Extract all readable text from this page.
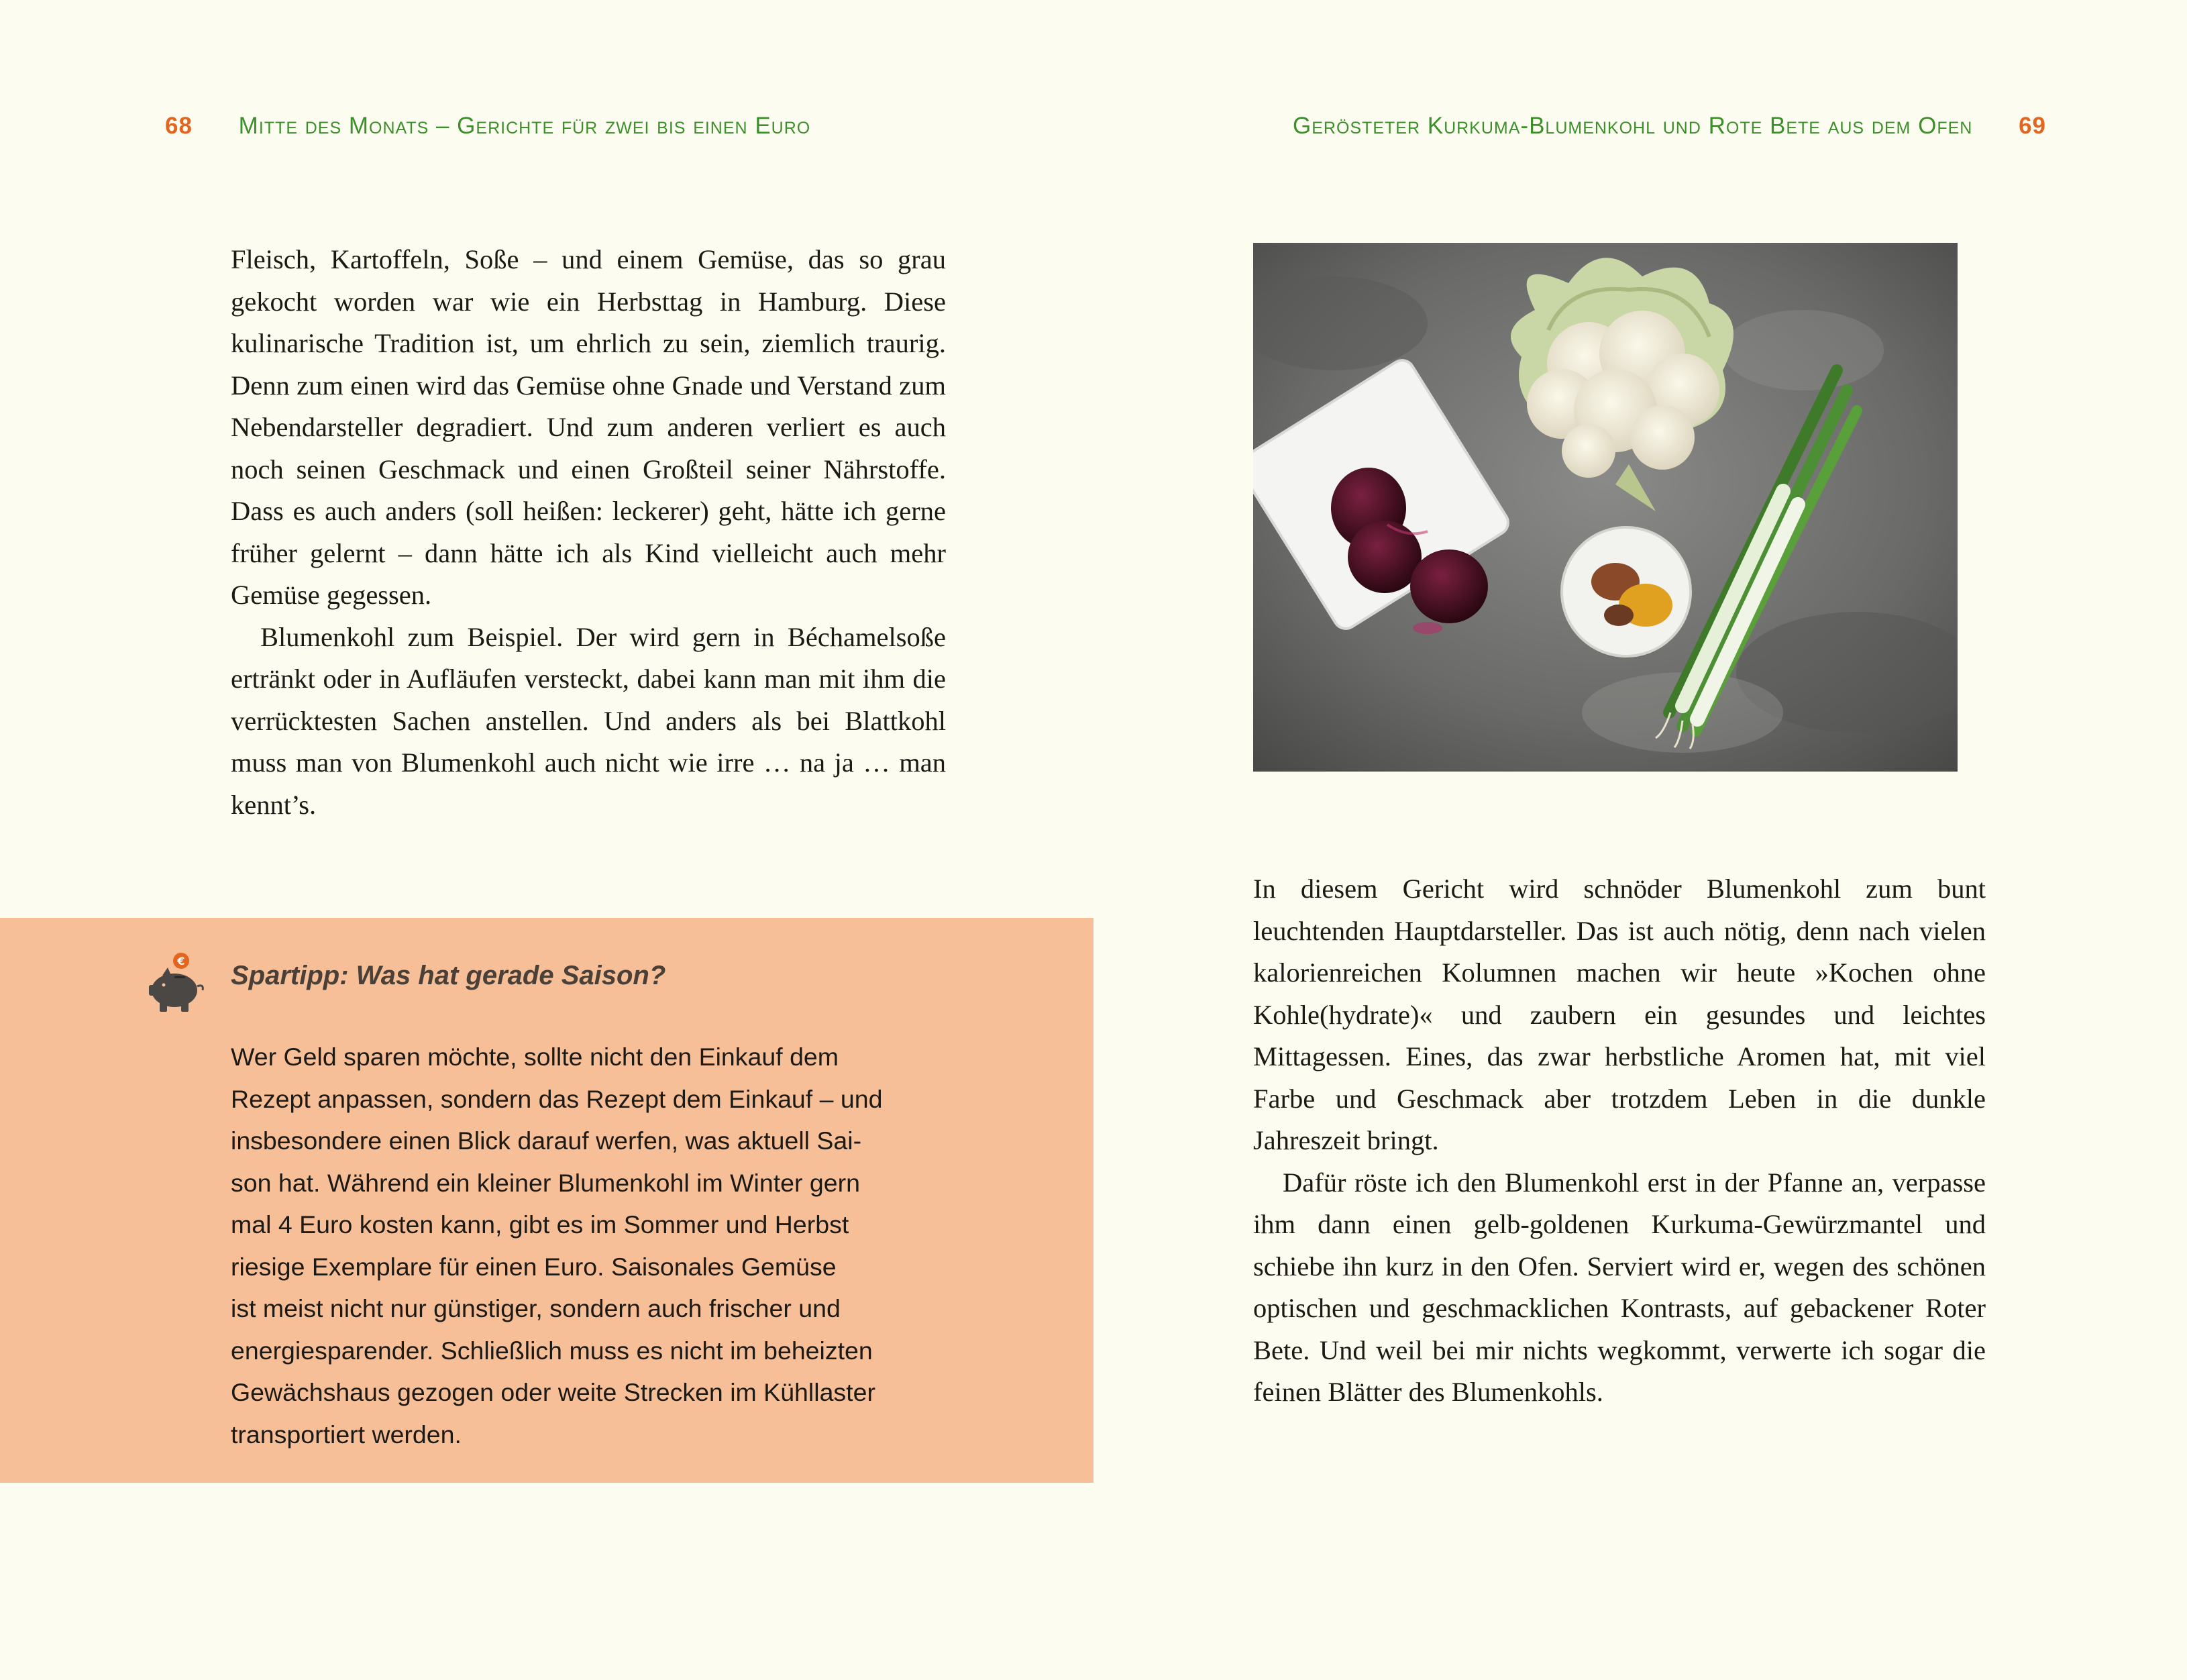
68 Mitte des Monats – Gerichte für zwei bis einen Euro

Fleisch, Kartoffeln, Soße – und einem Gemüse, das so grau gekocht worden war wie ein Herbsttag in Hamburg. Diese kulinarische Tradition ist, um ehrlich zu sein, ziemlich traurig. Denn zum einen wird das Gemüse ohne Gnade und Verstand zum Nebendarsteller degradiert. Und zum anderen verliert es auch noch seinen Geschmack und einen Großteil seiner Nährstoffe. Dass es auch anders (soll heißen: leckerer) geht, hätte ich gerne früher gelernt – dann hätte ich als Kind vielleicht auch mehr Gemüse gegessen.

Blumenkohl zum Beispiel. Der wird gern in Béchamelsoße ertränkt oder in Aufläufen versteckt, dabei kann man mit ihm die verrücktesten Sachen anstellen. Und anders als bei Blattkohl muss man von Blumenkohl auch nicht wie irre … na ja … man kennt’s.

€ Spartipp: Was hat gerade Saison?
Wer Geld sparen möchte, sollte nicht den Einkauf dem
Rezept anpassen, sondern das Rezept dem Einkauf – und
insbesondere einen Blick darauf werfen, was aktuell Sai-
son hat. Während ein kleiner Blumenkohl im Winter gern
mal 4 Euro kosten kann, gibt es im Sommer und Herbst
riesige Exemplare für einen Euro. Saisonales Gemüse
ist meist nicht nur günstiger, sondern auch frischer und
energiesparender. Schließlich muss es nicht im beheizten
Gewächshaus gezogen oder weite Strecken im Kühllaster
transportiert werden.
Gerösteter Kurkuma-Blumenkohl und Rote Bete aus dem Ofen 69

In diesem Gericht wird schnöder Blumenkohl zum bunt leuchtenden Hauptdarsteller. Das ist auch nötig, denn nach vielen kalorienreichen Kolumnen machen wir heute »Kochen ohne Kohle(hydrate)« und zaubern ein gesundes und leichtes Mittagessen. Eines, das zwar herbstliche Aromen hat, mit viel Farbe und Geschmack aber trotzdem Leben in die dunkle Jahreszeit bringt.

Dafür röste ich den Blumenkohl erst in der Pfanne an, verpasse ihm dann einen gelb-goldenen Kurkuma-Gewürzmantel und schiebe ihn kurz in den Ofen. Serviert wird er, wegen des schönen optischen und geschmacklichen Kontrasts, auf gebackener Roter Bete. Und weil bei mir nichts wegkommt, verwerte ich sogar die feinen Blätter des Blumenkohls.
